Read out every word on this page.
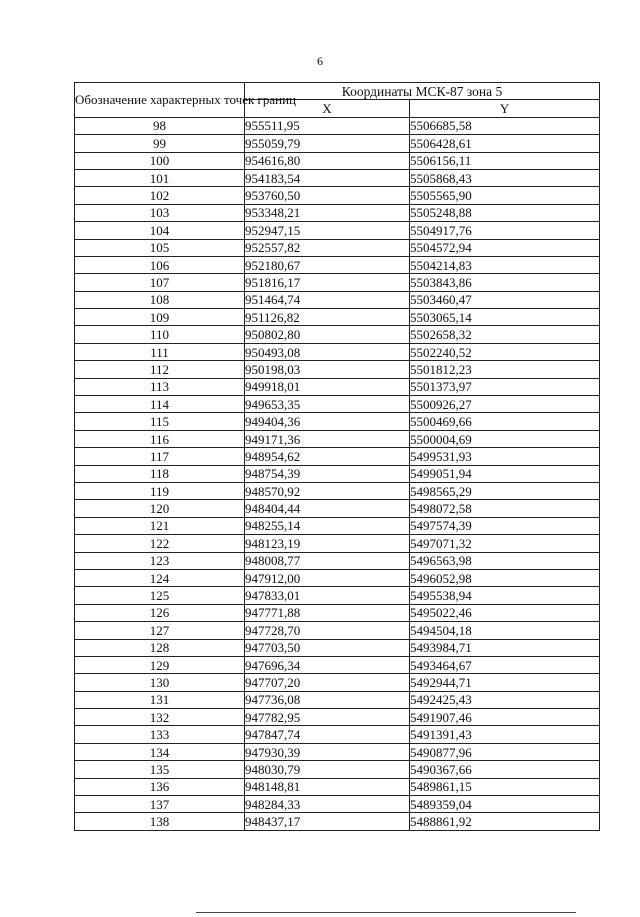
6
Обозначение характерных точек границ	Координаты МСК-87 зона 5	
	X	Y
98	955511,95	5506685,58
99	955059,79	5506428,61
100	954616,80	5506156,11
101	954183,54	5505868,43
102	953760,50	5505565,90
103	953348,21	5505248,88
104	952947,15	5504917,76
105	952557,82	5504572,94
106	952180,67	5504214,83
107	951816,17	5503843,86
108	951464,74	5503460,47
109	951126,82	5503065,14
110	950802,80	5502658,32
111	950493,08	5502240,52
112	950198,03	5501812,23
113	949918,01	5501373,97
114	949653,35	5500926,27
115	949404,36	5500469,66
116	949171,36	5500004,69
117	948954,62	5499531,93
118	948754,39	5499051,94
119	948570,92	5498565,29
120	948404,44	5498072,58
121	948255,14	5497574,39
122	948123,19	5497071,32
123	948008,77	5496563,98
124	947912,00	5496052,98
125	947833,01	5495538,94
126	947771,88	5495022,46
127	947728,70	5494504,18
128	947703,50	5493984,71
129	947696,34	5493464,67
130	947707,20	5492944,71
131	947736,08	5492425,43
132	947782,95	5491907,46
133	947847,74	5491391,43
134	947930,39	5490877,96
135	948030,79	5490367,66
136	948148,81	5489861,15
137	948284,33	5489359,04
138	948437,17	5488861,92
